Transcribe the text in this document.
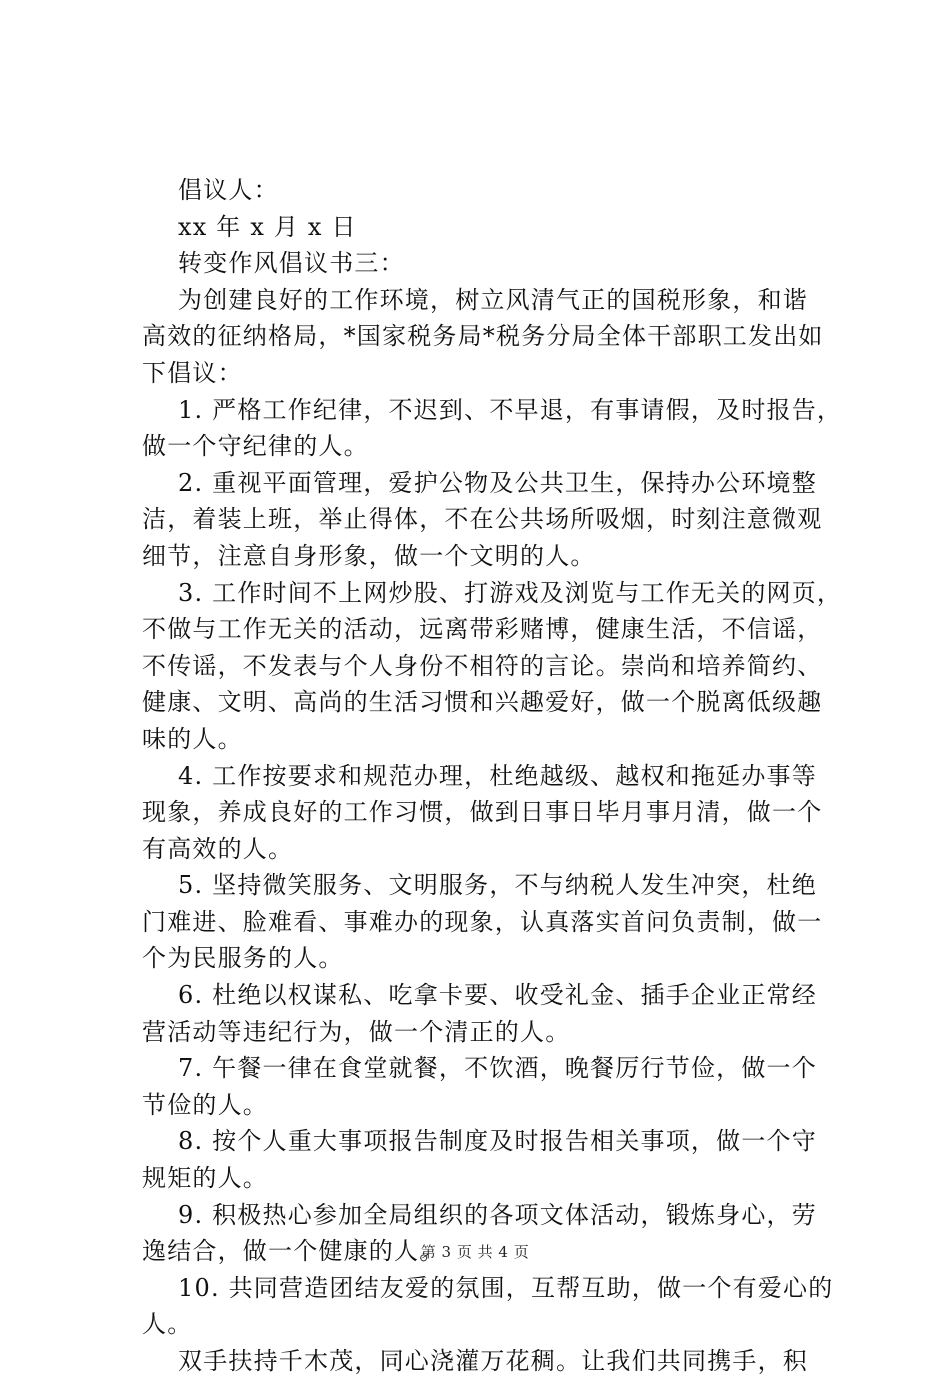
倡议人：
xx 年 x 月 x 日
转变作风倡议书三：
为创建良好的工作环境，树立风清气正的国税形象，和谐
高效的征纳格局，*国家税务局*税务分局全体干部职工发出如
下倡议：
1. 严格工作纪律，不迟到、不早退，有事请假，及时报告，
做一个守纪律的人。
2. 重视平面管理，爱护公物及公共卫生，保持办公环境整
洁，着装上班，举止得体，不在公共场所吸烟，时刻注意微观
细节，注意自身形象，做一个文明的人。
3. 工作时间不上网炒股、打游戏及浏览与工作无关的网页，
不做与工作无关的活动，远离带彩赌博，健康生活，不信谣，
不传谣，不发表与个人身份不相符的言论。崇尚和培养简约、
健康、文明、高尚的生活习惯和兴趣爱好，做一个脱离低级趣
味的人。
4. 工作按要求和规范办理，杜绝越级、越权和拖延办事等
现象，养成良好的工作习惯，做到日事日毕月事月清，做一个
有高效的人。
5. 坚持微笑服务、文明服务，不与纳税人发生冲突，杜绝
门难进、脸难看、事难办的现象，认真落实首问负责制，做一
个为民服务的人。
6. 杜绝以权谋私、吃拿卡要、收受礼金、插手企业正常经
营活动等违纪行为，做一个清正的人。
7. 午餐一律在食堂就餐，不饮酒，晚餐厉行节俭，做一个
节俭的人。
8. 按个人重大事项报告制度及时报告相关事项，做一个守
规矩的人。
9. 积极热心参加全局组织的各项文体活动，锻炼身心，劳
逸结合，做一个健康的人。
10. 共同营造团结友爱的氛围，互帮互助，做一个有爱心的
人。
双手扶持千木茂，同心浇灌万花稠。让我们共同携手，积
第 3 页 共 4 页
